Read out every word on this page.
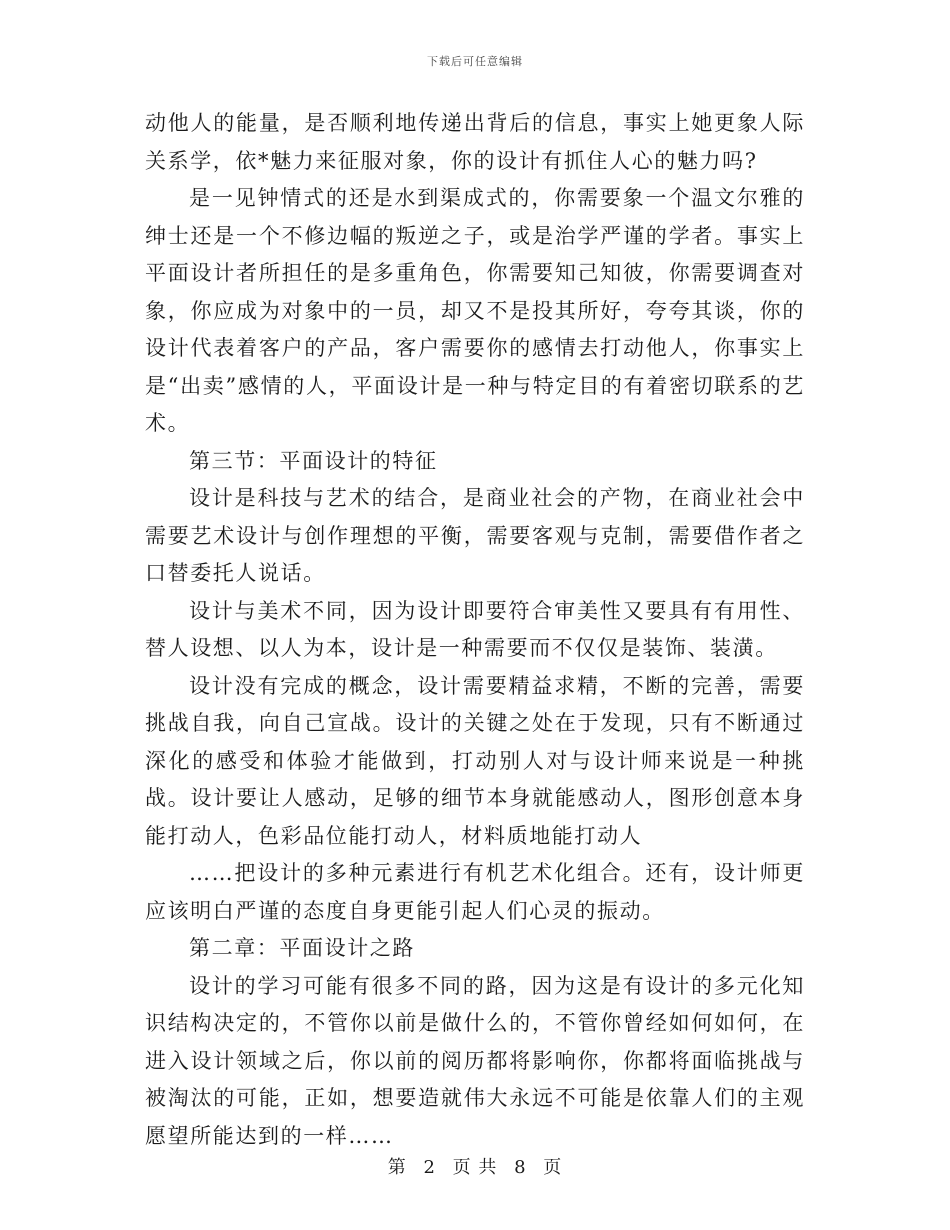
下载后可任意编辑

动他人的能量，是否顺利地传递出背后的信息，事实上她更象人际关系学，依*魅力来征服对象，你的设计有抓住人心的魅力吗?

是一见钟情式的还是水到渠成式的，你需要象一个温文尔雅的绅士还是一个不修边幅的叛逆之子，或是治学严谨的学者。事实上平面设计者所担任的是多重角色，你需要知己知彼，你需要调查对象，你应成为对象中的一员，却又不是投其所好，夸夸其谈，你的设计代表着客户的产品，客户需要你的感情去打动他人，你事实上是“出卖”感情的人，平面设计是一种与特定目的有着密切联系的艺术。

第三节：平面设计的特征

设计是科技与艺术的结合，是商业社会的产物，在商业社会中需要艺术设计与创作理想的平衡，需要客观与克制，需要借作者之口替委托人说话。

设计与美术不同，因为设计即要符合审美性又要具有有用性、替人设想、以人为本，设计是一种需要而不仅仅是装饰、装潢。

设计没有完成的概念，设计需要精益求精，不断的完善，需要挑战自我，向自己宣战。设计的关键之处在于发现，只有不断通过深化的感受和体验才能做到，打动别人对与设计师来说是一种挑战。设计要让人感动，足够的细节本身就能感动人，图形创意本身能打动人，色彩品位能打动人，材料质地能打动人

……把设计的多种元素进行有机艺术化组合。还有，设计师更应该明白严谨的态度自身更能引起人们心灵的振动。

第二章：平面设计之路

设计的学习可能有很多不同的路，因为这是有设计的多元化知识结构决定的，不管你以前是做什么的，不管你曾经如何如何，在进入设计领域之后，你以前的阅历都将影响你，你都将面临挑战与被淘汰的可能，正如，想要造就伟大永远不可能是依靠人们的主观愿望所能达到的一样……

第 2 页 共 8 页
